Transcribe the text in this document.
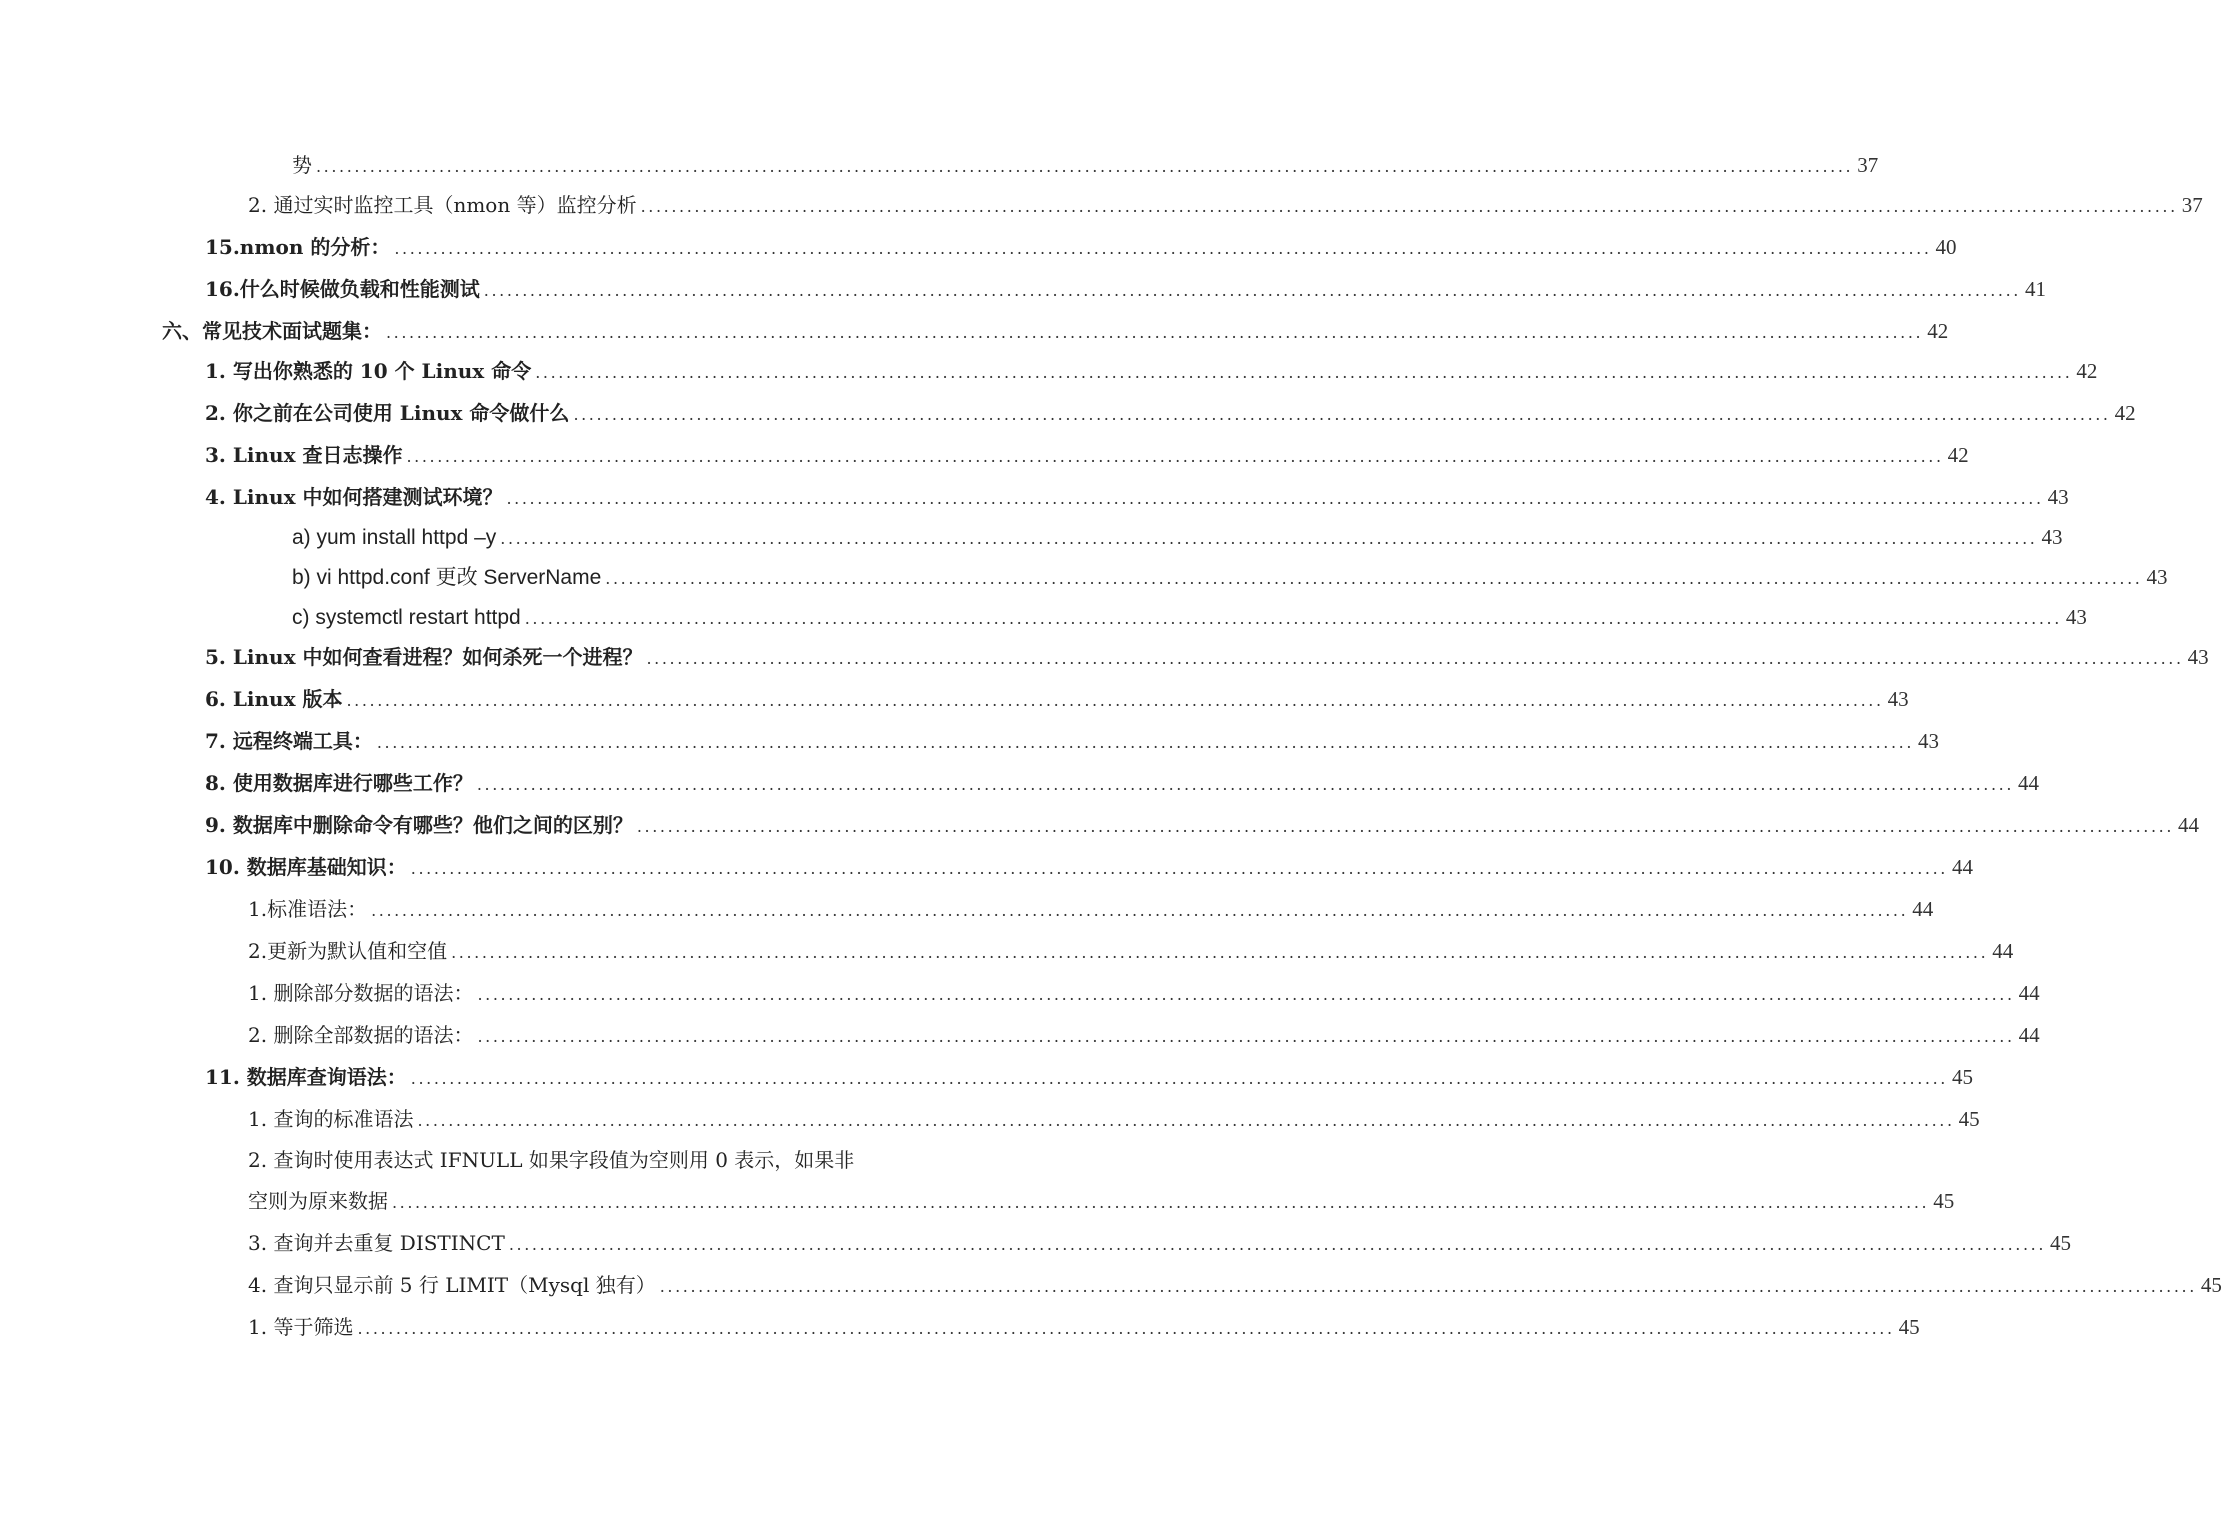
势 ........................................................................................................................................................................................................ 37
2. 通过实时监控工具（nmon 等）监控分析 ........................................................................................................................................................................................................ 37
15.nmon 的分析： ........................................................................................................................................................................................................ 40
16.什么时候做负载和性能测试 ........................................................................................................................................................................................................ 41
六、常见技术面试题集： ........................................................................................................................................................................................................ 42
1. 写出你熟悉的 10 个 Linux 命令 ........................................................................................................................................................................................................ 42
2. 你之前在公司使用 Linux 命令做什么 ........................................................................................................................................................................................................ 42
3. Linux 查日志操作 ........................................................................................................................................................................................................ 42
4. Linux 中如何搭建测试环境？ ........................................................................................................................................................................................................ 43
a) yum install httpd –y ........................................................................................................................................................................................................ 43
b) vi httpd.conf 更改 ServerName ........................................................................................................................................................................................................ 43
c) systemctl restart httpd ........................................................................................................................................................................................................ 43
5. Linux 中如何查看进程？如何杀死一个进程？ ........................................................................................................................................................................................................ 43
6. Linux 版本 ........................................................................................................................................................................................................ 43
7. 远程终端工具： ........................................................................................................................................................................................................ 43
8. 使用数据库进行哪些工作？ ........................................................................................................................................................................................................ 44
9. 数据库中删除命令有哪些？他们之间的区别？ ........................................................................................................................................................................................................ 44
10. 数据库基础知识： ........................................................................................................................................................................................................ 44
1.标准语法： ........................................................................................................................................................................................................ 44
2.更新为默认值和空值 ........................................................................................................................................................................................................ 44
1. 删除部分数据的语法： ........................................................................................................................................................................................................ 44
2. 删除全部数据的语法： ........................................................................................................................................................................................................ 44
11. 数据库查询语法： ........................................................................................................................................................................................................ 45
1. 查询的标准语法 ........................................................................................................................................................................................................ 45
2. 查询时使用表达式 IFNULL 如果字段值为空则用 0 表示，如果非
空则为原来数据 ........................................................................................................................................................................................................ 45
3. 查询并去重复 DISTINCT ........................................................................................................................................................................................................ 45
4. 查询只显示前 5 行 LIMIT（Mysql 独有） ........................................................................................................................................................................................................ 45
1. 等于筛选 ........................................................................................................................................................................................................ 45
